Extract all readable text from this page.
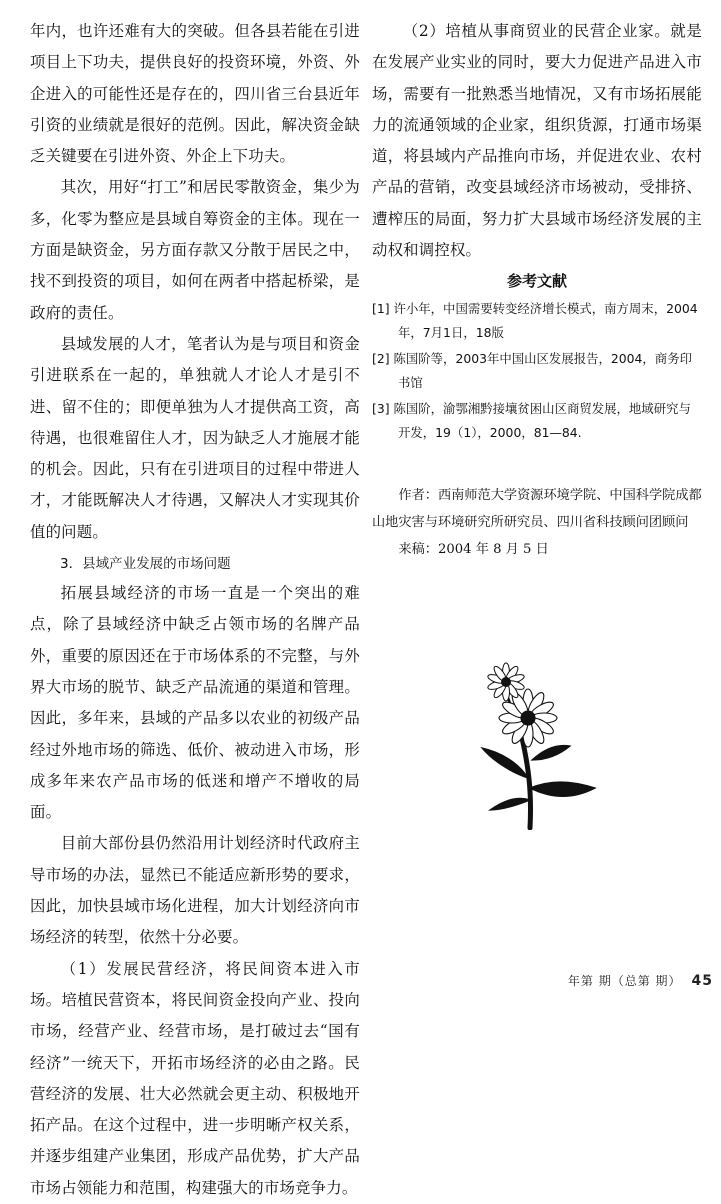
年内，也许还难有大的突破。但各县若能在引进项目上下功夫，提供良好的投资环境，外资、外企进入的可能性还是存在的，四川省三台县近年引资的业绩就是很好的范例。因此，解决资金缺乏关键要在引进外资、外企上下功夫。

其次，用好“打工”和居民零散资金，集少为多，化零为整应是县域自筹资金的主体。现在一方面是缺资金，另方面存款又分散于居民之中，找不到投资的项目，如何在两者中搭起桥梁，是政府的责任。

县域发展的人才，笔者认为是与项目和资金引进联系在一起的，单独就人才论人才是引不进、留不住的；即便单独为人才提供高工资，高待遇，也很难留住人才，因为缺乏人才施展才能的机会。因此，只有在引进项目的过程中带进人才，才能既解决人才待遇，又解决人才实现其价值的问题。

3．县域产业发展的市场问题

拓展县域经济的市场一直是一个突出的难点，除了县域经济中缺乏占领市场的名牌产品外，重要的原因还在于市场体系的不完整，与外界大市场的脱节、缺乏产品流通的渠道和管理。因此，多年来，县域的产品多以农业的初级产品经过外地市场的筛选、低价、被动进入市场，形成多年来农产品市场的低迷和增产不增收的局面。

目前大部份县仍然沿用计划经济时代政府主导市场的办法，显然已不能适应新形势的要求，因此，加快县域市场化进程，加大计划经济向市场经济的转型，依然十分必要。

（1）发展民营经济，将民间资本进入市场。培植民营资本，将民间资金投向产业、投向市场，经营产业、经营市场，是打破过去“国有经济”一统天下，开拓市场经济的必由之路。民营经济的发展、壮大必然就会更主动、积极地开拓产品。在这个过程中，进一步明晰产权关系，并逐步组建产业集团，形成产品优势，扩大产品市场占领能力和范围，构建强大的市场竞争力。

（2）培植从事商贸业的民营企业家。就是在发展产业实业的同时，要大力促进产品进入市场，需要有一批熟悉当地情况，又有市场拓展能力的流通领域的企业家，组织货源，打通市场渠道，将县域内产品推向市场，并促进农业、农村产品的营销，改变县域经济市场被动，受排挤、遭榨压的局面，努力扩大县域市场经济发展的主动权和调控权。

参考文献
[1] 许小年，中国需要转变经济增长模式，南方周末，2004年，7月1日，18版
[2] 陈国阶等，2003年中国山区发展报告，2004，商务印书馆
[3] 陈国阶，渝鄂湘黔接壤贫困山区商贸发展，地域研究与开发，19（1），2000，81—84.
作者：西南师范大学资源环境学院、中国科学院成都山地灾害与环境研究所研究员、四川省科技顾问团顾问
来稿：2004 年 8 月 5 日
年第 期（总第 期） 45
